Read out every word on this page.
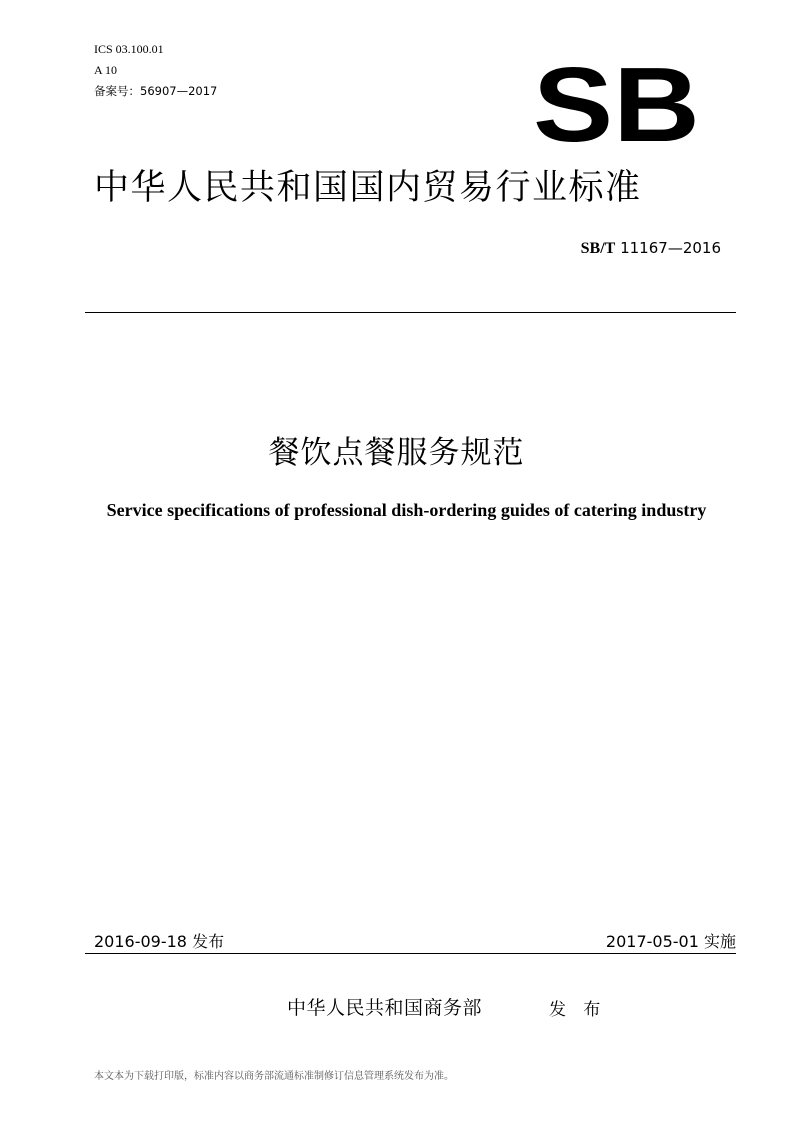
ICS 03.100.01
A 10
备案号：56907—2017	SB
中华人民共和国国内贸易行业标准
SB/T 11167—2016
餐饮点餐服务规范
Service specifications of professional dish-ordering guides of catering industry
2016-09-18 发布	2017-05-01 实施
中华人民共和国商务部	发 布
本文本为下载打印版，标准内容以商务部流通标准制修订信息管理系统发布为准。
